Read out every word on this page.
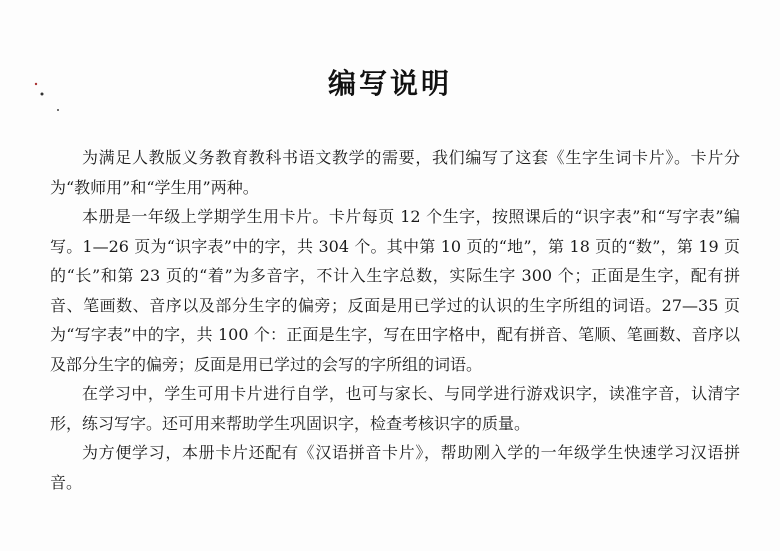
编写说明

为满足人教版义务教育教科书语文教学的需要，我们编写了这套《生字生词卡片》。卡片分为“教师用”和“学生用”两种。

本册是一年级上学期学生用卡片。卡片每页 12 个生字，按照课后的“识字表”和“写字表”编写。1—26 页为“识字表”中的字，共 304 个。其中第 10 页的“地”，第 18 页的“数”，第 19 页的“长”和第 23 页的“着”为多音字，不计入生字总数，实际生字 300 个；正面是生字，配有拼音、笔画数、音序以及部分生字的偏旁；反面是用已学过的认识的生字所组的词语。27—35 页为“写字表”中的字，共 100 个：正面是生字，写在田字格中，配有拼音、笔顺、笔画数、音序以及部分生字的偏旁；反面是用已学过的会写的字所组的词语。

在学习中，学生可用卡片进行自学，也可与家长、与同学进行游戏识字，读准字音，认清字形，练习写字。还可用来帮助学生巩固识字，检查考核识字的质量。

为方便学习，本册卡片还配有《汉语拼音卡片》，帮助刚入学的一年级学生快速学习汉语拼音。
